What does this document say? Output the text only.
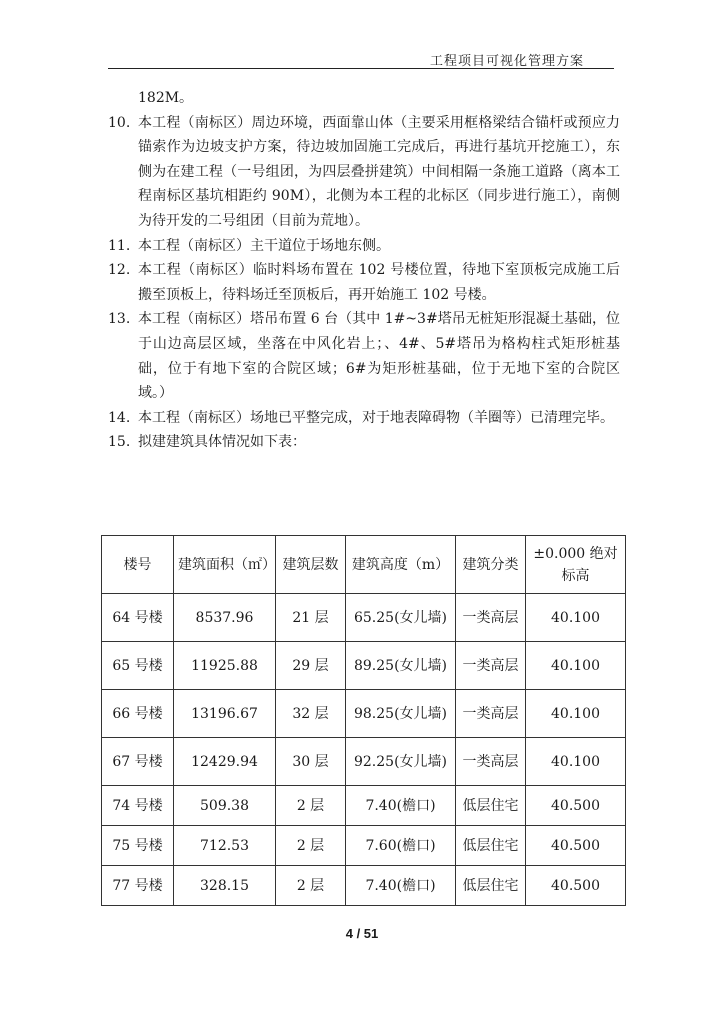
工程项目可视化管理方案
182M。
10. 本工程（南标区）周边环境，西面靠山体（主要采用框格梁结合锚杆或预应力锚索作为边坡支护方案，待边坡加固施工完成后，再进行基坑开挖施工），东侧为在建工程（一号组团，为四层叠拼建筑）中间相隔一条施工道路（离本工程南标区基坑相距约 90M），北侧为本工程的北标区（同步进行施工），南侧为待开发的二号组团（目前为荒地）。
11. 本工程（南标区）主干道位于场地东侧。
12. 本工程（南标区）临时料场布置在 102 号楼位置，待地下室顶板完成施工后搬至顶板上，待料场迁至顶板后，再开始施工 102 号楼。
13. 本工程（南标区）塔吊布置 6 台（其中 1#~3#塔吊无桩矩形混凝土基础，位于山边高层区域，坐落在中风化岩上；、4#、5#塔吊为格构柱式矩形桩基础，位于有地下室的合院区域；6#为矩形桩基础，位于无地下室的合院区域。）
14. 本工程（南标区）场地已平整完成，对于地表障碍物（羊圈等）已清理完毕。
15. 拟建建筑具体情况如下表：
楼号	建筑面积（㎡）	建筑层数	建筑高度（m）	建筑分类	±0.000 绝对标高
64 号楼	8537.96	21 层	65.25(女儿墙)	一类高层	40.100
65 号楼	11925.88	29 层	89.25(女儿墙)	一类高层	40.100
66 号楼	13196.67	32 层	98.25(女儿墙)	一类高层	40.100
67 号楼	12429.94	30 层	92.25(女儿墙)	一类高层	40.100
74 号楼	509.38	2 层	7.40(檐口)	低层住宅	40.500
75 号楼	712.53	2 层	7.60(檐口)	低层住宅	40.500
77 号楼	328.15	2 层	7.40(檐口)	低层住宅	40.500
4 / 51
